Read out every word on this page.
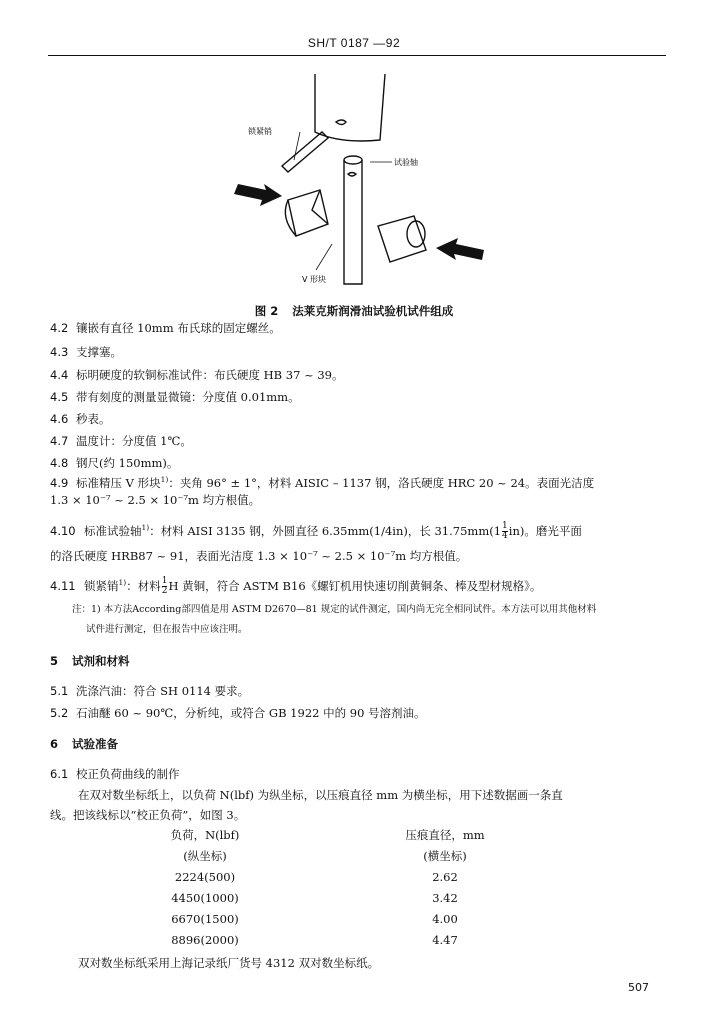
SH/T 0187 —92
锁紧销
试验轴
V 形块
图 2 法莱克斯润滑油试验机试件组成
4.2 镶嵌有直径 10mm 布氏球的固定螺丝。
4.3 支撑塞。
4.4 标明硬度的软铜标准试件：布氏硬度 HB 37 ~ 39。
4.5 带有刻度的测量显微镜：分度值 0.01mm。
4.6 秒表。
4.7 温度计：分度值 1℃。
4.8 钢尺(约 150mm)。
4.9 标准精压 V 形块$^{1)}$：夹角 96° ± 1°，材料 AISIC – 1137 钢，洛氏硬度 HRC 20 ~ 24。表面光洁度
1.3 × 10⁻⁷ ~ 2.5 × 10⁻⁷m 均方根值。
4.10 标准试验轴$^{1)}$：材料 AISI 3135 钢，外圆直径 6.35mm(1/4in)，长 $31.75mm(1 \frac{1}{4} in)$。磨光平面
的洛氏硬度 HRB87 ~ 91，表面光洁度 1.3 × 10⁻⁷ ~ 2.5 × 10⁻⁷m 均方根值。
4.11 锁紧销$^{1)}$：材料 $\frac{1}{2}$ H 黄铜，符合 ASTM B16《螺钉机用快速切削黄铜条、棒及型材规格》。
注：1) 本方法According部四值是用 ASTM D2670—81 规定的试件测定，国内尚无完全相同试件。本方法可以用其他材料
试件进行测定，但在报告中应该注明。
5 试剂和材料
5.1 洗涤汽油：符合 SH 0114 要求。
5.2 石油醚 60 ~ 90℃，分析纯，或符合 GB 1922 中的 90 号溶剂油。
6 试验准备
6.1 校正负荷曲线的制作
在双对数坐标纸上，以负荷 N(lbf) 为纵坐标，以压痕直径 mm 为横坐标，用下述数据画一条直
线。把该线标以“校正负荷”，如图 3。
负荷，N(lbf)	压痕直径，mm
(纵坐标)	(横坐标)
2224(500)	2.62
4450(1000)	3.42
6670(1500)	4.00
8896(2000)	4.47
双对数坐标纸采用上海记录纸厂货号 4312 双对数坐标纸。
507
